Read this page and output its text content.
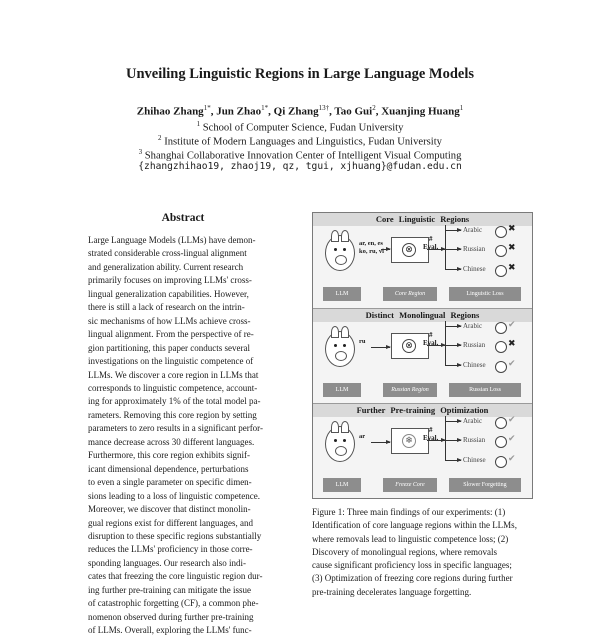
Unveiling Linguistic Regions in Large Language Models
Zhihao Zhang$^{1*}$, Jun Zhao$^{1*}$, Qi Zhang$^{13\dagger}$, Tao Gui$^2$, Xuanjing Huang$^1$
$^1$ School of Computer Science, Fudan University
$^2$ Institute of Modern Languages and Linguistics, Fudan University
$^3$ Shanghai Collaborative Innovation Center of Intelligent Visual Computing
{zhangzhihao19, zhaoj19, qz, tgui, xjhuang}@fudan.edu.cn
Abstract
Large Language Models (LLMs) have demon-
strated considerable cross-lingual alignment
and generalization ability. Current research
primarily focuses on improving LLMs' cross-
lingual generalization capabilities. However,
there is still a lack of research on the intrin-
sic mechanisms of how LLMs achieve cross-
lingual alignment. From the perspective of re-
gion partitioning, this paper conducts several
investigations on the linguistic competence of
LLMs. We discover a core region in LLMs that
corresponds to linguistic competence, account-
ing for approximately 1% of the total model pa-
rameters. Removing this core region by setting
parameters to zero results in a significant perfor-
mance decrease across 30 different languages.
Furthermore, this core region exhibits signif-
icant dimensional dependence, perturbations
to even a single parameter on specific dimen-
sions leading to a loss of linguistic competence.
Moreover, we discover that distinct monolin-
gual regions exist for different languages, and
disruption to these specific regions substantially
reduces the LLMs' proficiency in those corre-
sponding languages. Our research also indi-
cates that freezing the core linguistic region dur-
ing further pre-training can mitigate the issue
of catastrophic forgetting (CF), a common phe-
nomenon observed during further pre-training
of LLMs. Overall, exploring the LLMs' func-
Core Linguistic Regions
ar, en, es
ko, ru, vi	⊗
#
Eval.
Arabic
Russian
Chinese
✖
✖
✖
LLM	Core Region	Linguistic Loss
Distinct Monolingual Regions
ru	⊗
#
Eval.
Arabic
Russian
Chinese
✔
✖
✔
LLM	Russian Region	Russian Loss
Further Pre-training Optimization
ar	❄
#
Eval.
Arabic
Russian
Chinese
✔
✔
✔
LLM	Freeze Core	Slower Forgetting
Figure 1: Three main findings of our experiments: (1)
Identification of core language regions within the LLMs,
where removals lead to linguistic competence loss; (2)
Discovery of monolingual regions, where removals
cause significant proficiency loss in specific languages;
(3) Optimization of freezing core regions during further
pre-training decelerates language forgetting.
